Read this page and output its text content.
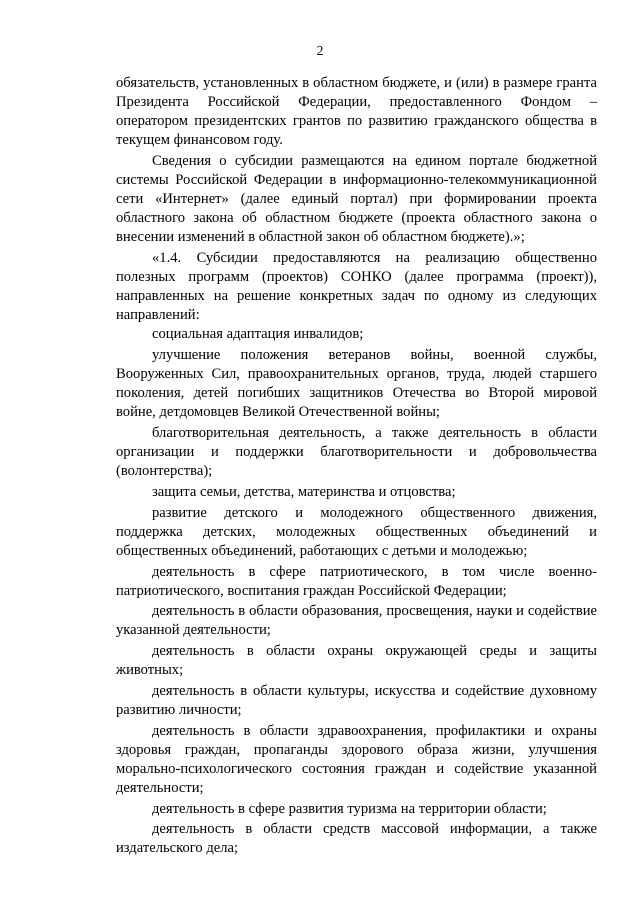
2

обязательств, установленных в областном бюджете, и (или) в размере гранта Президента Российской Федерации, предоставленного Фондом – оператором президентских грантов по развитию гражданского общества в текущем финансовом году.

Сведения о субсидии размещаются на едином портале бюджетной системы Российской Федерации в информационно-телекоммуникационной сети «Интернет» (далее единый портал) при формировании проекта областного закона об областном бюджете (проекта областного закона о внесении изменений в областной закон об областном бюджете).»;

«1.4. Субсидии предоставляются на реализацию общественно полезных программ (проектов) СОНКО (далее программа (проект)), направленных на решение конкретных задач по одному из следующих направлений:

социальная адаптация инвалидов;

улучшение положения ветеранов войны, военной службы, Вооруженных Сил, правоохранительных органов, труда, людей старшего поколения, детей погибших защитников Отечества во Второй мировой войне, детдомовцев Великой Отечественной войны;

благотворительная деятельность, а также деятельность в области организации и поддержки благотворительности и добровольчества (волонтерства);

защита семьи, детства, материнства и отцовства;

развитие детского и молодежного общественного движения, поддержка детских, молодежных общественных объединений и общественных объединений, работающих с детьми и молодежью;

деятельность в сфере патриотического, в том числе военно-патриотического, воспитания граждан Российской Федерации;

деятельность в области образования, просвещения, науки и содействие указанной деятельности;

деятельность в области охраны окружающей среды и защиты животных;

деятельность в области культуры, искусства и содействие духовному развитию личности;

деятельность в области здравоохранения, профилактики и охраны здоровья граждан, пропаганды здорового образа жизни, улучшения морально-психологического состояния граждан и содействие указанной деятельности;

деятельность в сфере развития туризма на территории области;

деятельность в области средств массовой информации, а также издательского дела;
